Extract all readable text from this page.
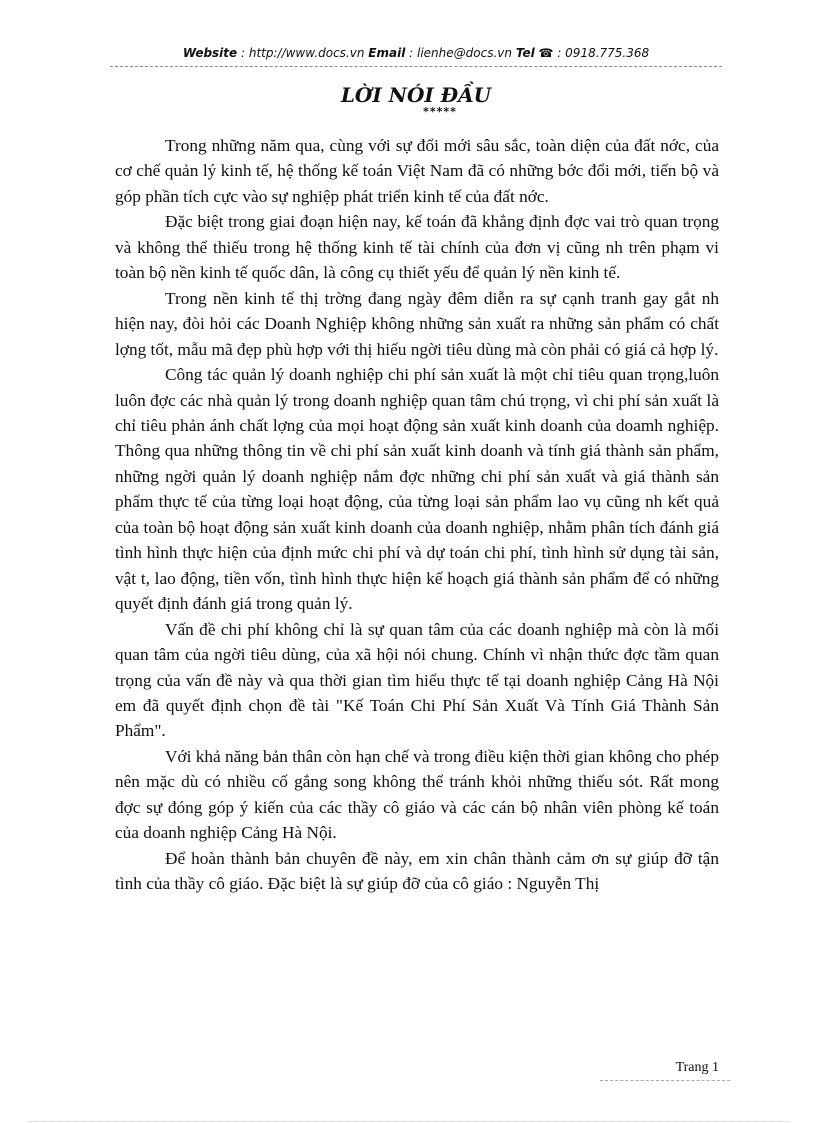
Website : http://www.docs.vn Email : lienhe@docs.vn Tel ☎ : 0918.775.368
LỜI NÓI ĐẦU
*****

Trong những năm qua, cùng với sự đổi mới sâu sắc, toàn diện của đất nớc, của cơ chế quản lý kinh tế, hệ thống kế toán Việt Nam đã có những bớc đổi mới, tiến bộ và góp phần tích cực vào sự nghiệp phát triển kinh tế của đất nớc.

Đặc biệt trong giai đoạn hiện nay, kế toán đã khẳng định đợc vai trò quan trọng và không thể thiếu trong hệ thống kinh tế tài chính của đơn vị cũng nh trên phạm vi toàn bộ nền kinh tế quốc dân, là công cụ thiết yếu để quản lý nền kinh tế.

Trong nền kinh tế thị trờng đang ngày đêm diễn ra sự cạnh tranh gay gắt nh hiện nay, đòi hỏi các Doanh Nghiệp không những sản xuất ra những sản phẩm có chất lợng tốt, mẫu mã đẹp phù hợp với thị hiếu ngời tiêu dùng mà còn phải có giá cả hợp lý.

Công tác quản lý doanh nghiệp chi phí sản xuất là một chỉ tiêu quan trọng,luôn luôn đợc các nhà quản lý trong doanh nghiệp quan tâm chú trọng, vì chi phí sản xuất là chỉ tiêu phản ánh chất lợng của mọi hoạt động sản xuất kinh doanh của doamh nghiệp. Thông qua những thông tin về chi phí sản xuất kinh doanh và tính giá thành sản phẩm, những ngời quản lý doanh nghiệp nắm đợc những chi phí sản xuất và giá thành sản phẩm thực tế của từng loại hoạt động, của từng loại sản phẩm lao vụ cũng nh kết quả của toàn bộ hoạt động sản xuất kinh doanh của doanh nghiệp, nhằm phân tích đánh giá tình hình thực hiện của định mức chi phí và dự toán chi phí, tình hình sử dụng tài sản, vật t, lao động, tiền vốn, tình hình thực hiện kế hoạch giá thành sản phẩm để có những quyết định đánh giá trong quản lý.

Vấn đề chi phí không chỉ là sự quan tâm của các doanh nghiệp mà còn là mối quan tâm của ngời tiêu dùng, của xã hội nói chung. Chính vì nhận thức đợc tầm quan trọng của vấn đề này và qua thời gian tìm hiểu thực tế tại doanh nghiệp Cảng Hà Nội em đã quyết định chọn đề tài "Kế Toán Chi Phí Sản Xuất Và Tính Giá Thành Sản Phẩm".

Với khả năng bản thân còn hạn chế và trong điều kiện thời gian không cho phép nên mặc dù có nhiều cố gắng song không thể tránh khỏi những thiếu sót. Rất mong đợc sự đóng góp ý kiến của các thầy cô giáo và các cán bộ nhân viên phòng kế toán của doanh nghiệp Cảng Hà Nội.

Để hoàn thành bản chuyên đề này, em xin chân thành cảm ơn sự giúp đỡ tận tình của thầy cô giáo. Đặc biệt là sự giúp đỡ của cô giáo : Nguyễn Thị

Trang 1
